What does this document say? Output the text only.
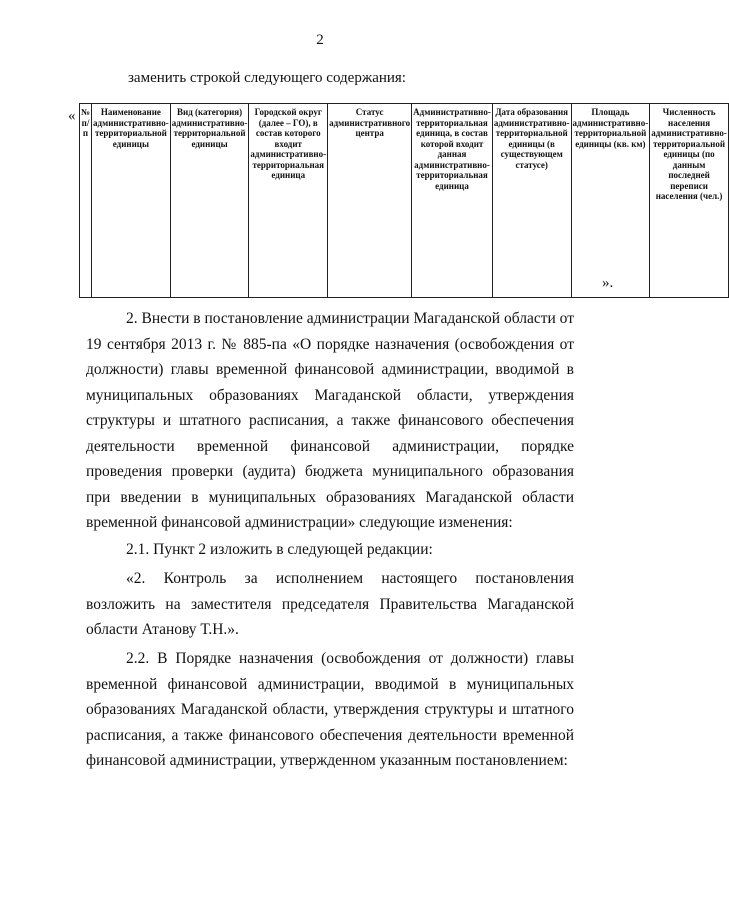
2
заменить строкой следующего содержания:
« № п/п	Наименование административно-территориальной единицы	Вид (категория) административно-территориальной единицы	Городской округ (далее – ГО), в состав которого входит административно-территориальная единица	Статус административного центра	Административно-территориальная единица, в состав которой входит данная административно-территориальная единица	Дата образования административно-территориальной единицы (в существующем статусе)	Площадь административно-территориальной единицы (кв. км)	Численность населения административно-территориальной единицы (по данным последней переписи населения (чел.)
».

2. Внести в постановление администрации Магаданской области от 19 сентября 2013 г. № 885-па «О порядке назначения (освобождения от должности) главы временной финансовой администрации, вводимой в муниципальных образованиях Магаданской области, утверждения структуры и штатного расписания, а также финансового обеспечения деятельности временной финансовой администрации, порядке проведения проверки (аудита) бюджета муниципального образования при введении в муниципальных образованиях Магаданской области временной финансовой администрации» следующие изменения:

2.1. Пункт 2 изложить в следующей редакции:

«2. Контроль за исполнением настоящего постановления возложить на заместителя председателя Правительства Магаданской области Атанову Т.Н.».

2.2. В Порядке назначения (освобождения от должности) главы временной финансовой администрации, вводимой в муниципальных образованиях Магаданской области, утверждения структуры и штатного расписания, а также финансового обеспечения деятельности временной финансовой администрации, утвержденном указанным постановлением:
